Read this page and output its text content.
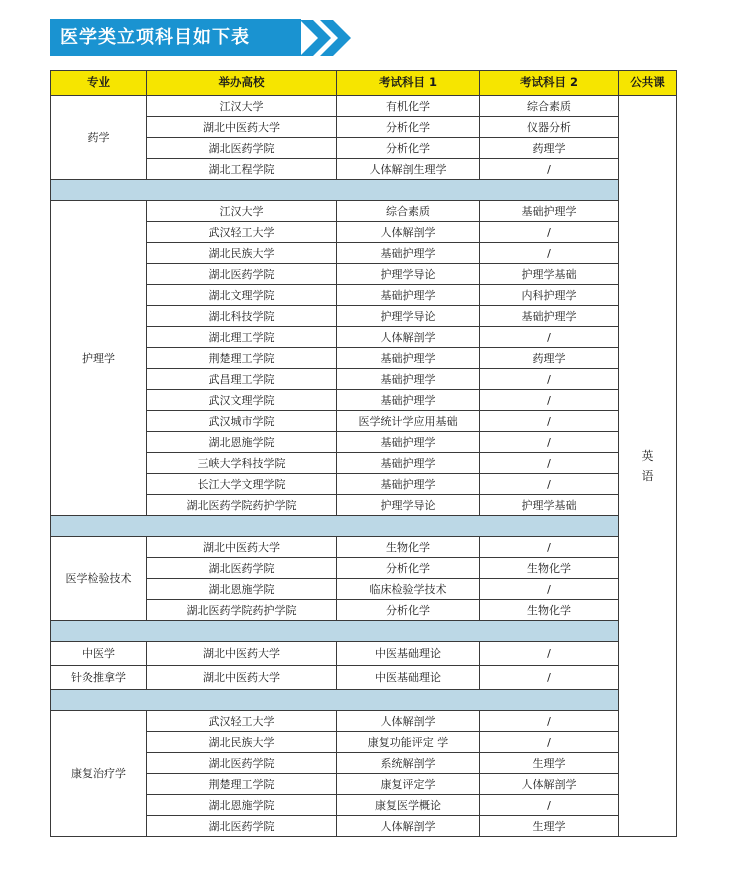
医学类立项科目如下表
专业	举办高校	考试科目 1	考试科目 2	公共课
药学	江汉大学	有机化学	综合素质	英语
	湖北中医药大学	分析化学	仪器分析	
	湖北医药学院	分析化学	药理学	
	湖北工程学院	人体解剖生理学	/	

护理学	江汉大学	综合素质	基础护理学	
	武汉轻工大学	人体解剖学	/	
	湖北民族大学	基础护理学	/	
	湖北医药学院	护理学导论	护理学基础	
	湖北文理学院	基础护理学	内科护理学	
	湖北科技学院	护理学导论	基础护理学	
	湖北理工学院	人体解剖学	/	
	荆楚理工学院	基础护理学	药理学	
	武昌理工学院	基础护理学	/	
	武汉文理学院	基础护理学	/	
	武汉城市学院	医学统计学应用基础	/	
	湖北恩施学院	基础护理学	/	
	三峡大学科技学院	基础护理学	/	
	长江大学文理学院	基础护理学	/	
	湖北医药学院药护学院	护理学导论	护理学基础	

医学检验技术	湖北中医药大学	生物化学	/	
	湖北医药学院	分析化学	生物化学	
	湖北恩施学院	临床检验学技术	/	
	湖北医药学院药护学院	分析化学	生物化学	

中医学	湖北中医药大学	中医基础理论	/	
针灸推拿学	湖北中医药大学	中医基础理论	/	

康复治疗学	武汉轻工大学	人体解剖学	/	
	湖北民族大学	康复功能评定 学	/	
	湖北医药学院	系统解剖学	生理学	
	荆楚理工学院	康复评定学	人体解剖学	
	湖北恩施学院	康复医学概论	/	
	湖北医药学院	人体解剖学	生理学	
